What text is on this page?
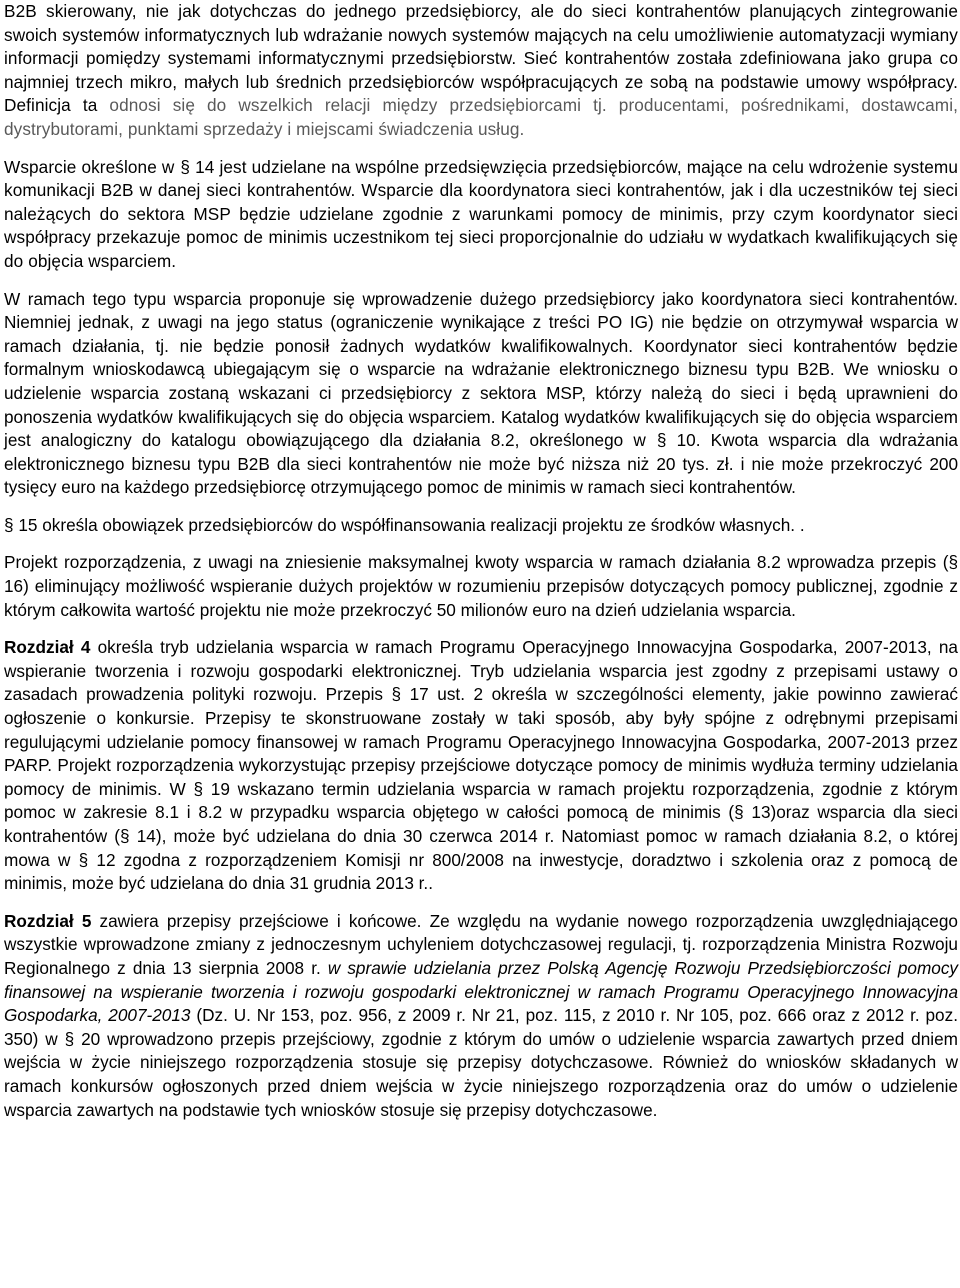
B2B skierowany, nie jak dotychczas do jednego przedsiębiorcy, ale do sieci kontrahentów planujących zintegrowanie swoich systemów informatycznych lub wdrażanie nowych systemów mających na celu umożliwienie automatyzacji wymiany informacji pomiędzy systemami informatycznymi przedsiębiorstw. Sieć kontrahentów została zdefiniowana jako grupa co najmniej trzech mikro, małych lub średnich przedsiębiorców współpracujących ze sobą na podstawie umowy współpracy. Definicja ta odnosi się do wszelkich relacji między przedsiębiorcami tj. producentami, pośrednikami, dostawcami, dystrybutorami, punktami sprzedaży i miejscami świadczenia usług.

Wsparcie określone w § 14 jest udzielane na wspólne przedsięwzięcia przedsiębiorców, mające na celu wdrożenie systemu komunikacji B2B w danej sieci kontrahentów. Wsparcie dla koordynatora sieci kontrahentów, jak i dla uczestników tej sieci należących do sektora MSP będzie udzielane zgodnie z warunkami pomocy de minimis, przy czym koordynator sieci współpracy przekazuje pomoc de minimis uczestnikom tej sieci proporcjonalnie do udziału w wydatkach kwalifikujących się do objęcia wsparciem.

W ramach tego typu wsparcia proponuje się wprowadzenie dużego przedsiębiorcy jako koordynatora sieci kontrahentów. Niemniej jednak, z uwagi na jego status (ograniczenie wynikające z treści PO IG) nie będzie on otrzymywał wsparcia w ramach działania, tj. nie będzie ponosił żadnych wydatków kwalifikowalnych. Koordynator sieci kontrahentów będzie formalnym wnioskodawcą ubiegającym się o wsparcie na wdrażanie elektronicznego biznesu typu B2B. We wniosku o udzielenie wsparcia zostaną wskazani ci przedsiębiorcy z sektora MSP, którzy należą do sieci i będą uprawnieni do ponoszenia wydatków kwalifikujących się do objęcia wsparciem. Katalog wydatków kwalifikujących się do objęcia wsparciem jest analogiczny do katalogu obowiązującego dla działania 8.2, określonego w § 10. Kwota wsparcia dla wdrażania elektronicznego biznesu typu B2B dla sieci kontrahentów nie może być niższa niż 20 tys. zł. i nie może przekroczyć 200 tysięcy euro na każdego przedsiębiorcę otrzymującego pomoc de minimis w ramach sieci kontrahentów.

§ 15 określa obowiązek przedsiębiorców do współfinansowania realizacji projektu ze środków własnych. .

Projekt rozporządzenia, z uwagi na zniesienie maksymalnej kwoty wsparcia w ramach działania 8.2 wprowadza przepis (§ 16) eliminujący możliwość wspieranie dużych projektów w rozumieniu przepisów dotyczących pomocy publicznej, zgodnie z którym całkowita wartość projektu nie może przekroczyć 50 milionów euro na dzień udzielania wsparcia.

Rozdział 4 określa tryb udzielania wsparcia w ramach Programu Operacyjnego Innowacyjna Gospodarka, 2007-2013, na wspieranie tworzenia i rozwoju gospodarki elektronicznej. Tryb udzielania wsparcia jest zgodny z przepisami ustawy o zasadach prowadzenia polityki rozwoju. Przepis § 17 ust. 2 określa w szczególności elementy, jakie powinno zawierać ogłoszenie o konkursie. Przepisy te skonstruowane zostały w taki sposób, aby były spójne z odrębnymi przepisami regulującymi udzielanie pomocy finansowej w ramach Programu Operacyjnego Innowacyjna Gospodarka, 2007-2013 przez PARP. Projekt rozporządzenia wykorzystując przepisy przejściowe dotyczące pomocy de minimis wydłuża terminy udzielania pomocy de minimis. W § 19 wskazano termin udzielania wsparcia w ramach projektu rozporządzenia, zgodnie z którym pomoc w zakresie 8.1 i 8.2 w przypadku wsparcia objętego w całości pomocą de minimis (§ 13)oraz wsparcia dla sieci kontrahentów (§ 14), może być udzielana do dnia 30 czerwca 2014 r. Natomiast pomoc w ramach działania 8.2, o której mowa w § 12 zgodna z rozporządzeniem Komisji nr 800/2008 na inwestycje, doradztwo i szkolenia oraz z pomocą de minimis, może być udzielana do dnia 31 grudnia 2013 r..

Rozdział 5 zawiera przepisy przejściowe i końcowe. Ze względu na wydanie nowego rozporządzenia uwzględniającego wszystkie wprowadzone zmiany z jednoczesnym uchyleniem dotychczasowej regulacji, tj. rozporządzenia Ministra Rozwoju Regionalnego z dnia 13 sierpnia 2008 r. w sprawie udzielania przez Polską Agencję Rozwoju Przedsiębiorczości pomocy finansowej na wspieranie tworzenia i rozwoju gospodarki elektronicznej w ramach Programu Operacyjnego Innowacyjna Gospodarka, 2007-2013 (Dz. U. Nr 153, poz. 956, z 2009 r. Nr 21, poz. 115, z 2010 r. Nr 105, poz. 666 oraz z 2012 r. poz. 350) w § 20 wprowadzono przepis przejściowy, zgodnie z którym do umów o udzielenie wsparcia zawartych przed dniem wejścia w życie niniejszego rozporządzenia stosuje się przepisy dotychczasowe. Również do wniosków składanych w ramach konkursów ogłoszonych przed dniem wejścia w życie niniejszego rozporządzenia oraz do umów o udzielenie wsparcia zawartych na podstawie tych wniosków stosuje się przepisy dotychczasowe.
